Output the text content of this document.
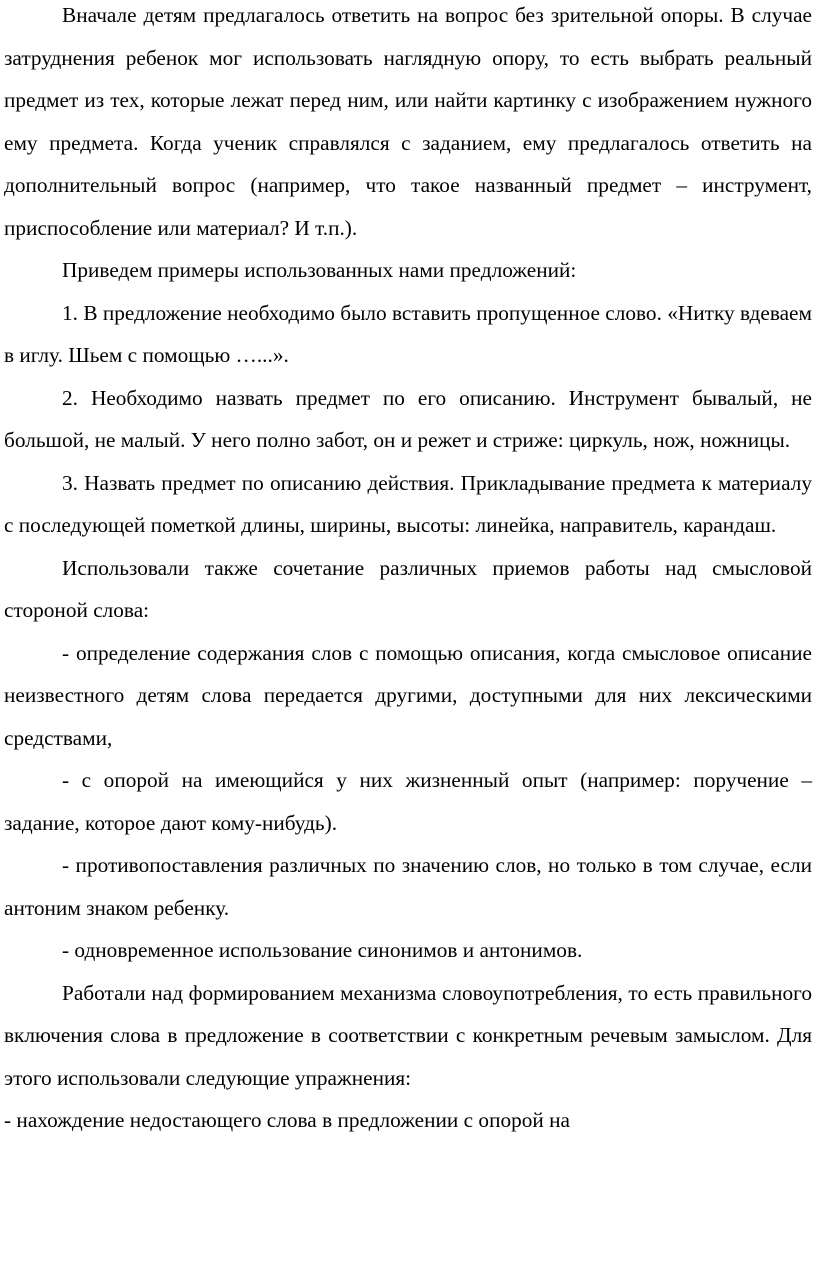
Вначале детям предлагалось ответить на вопрос без зрительной опоры. В случае затруднения ребенок мог использовать наглядную опору, то есть выбрать реальный предмет из тех, которые лежат перед ним, или найти картинку с изображением нужного ему предмета. Когда ученик справлялся с заданием, ему предлагалось ответить на дополнительный вопрос (например, что такое названный предмет – инструмент, приспособление или материал? И т.п.).

Приведем примеры использованных нами предложений:

1. В предложение необходимо было вставить пропущенное слово. «Нитку вдеваем в иглу. Шьем с помощью …...».

2. Необходимо назвать предмет по его описанию. Инструмент бывалый, не большой, не малый. У него полно забот, он и режет и стриже: циркуль, нож, ножницы.

3. Назвать предмет по описанию действия. Прикладывание предмета к материалу с последующей пометкой длины, ширины, высоты: линейка, направитель, карандаш.

Использовали также сочетание различных приемов работы над смысловой стороной слова:

- определение содержания слов с помощью описания, когда смысловое описание неизвестного детям слова передается другими, доступными для них лексическими средствами,

- с опорой на имеющийся у них жизненный опыт (например: поручение – задание, которое дают кому-нибудь).

- противопоставления различных по значению слов, но только в том случае, если антоним знаком ребенку.

- одновременное использование синонимов и антонимов.

Работали над формированием механизма словоупотребления, то есть правильного включения слова в предложение в соответствии с конкретным речевым замыслом. Для этого использовали следующие упражнения:

- нахождение недостающего слова в предложении с опорой на
